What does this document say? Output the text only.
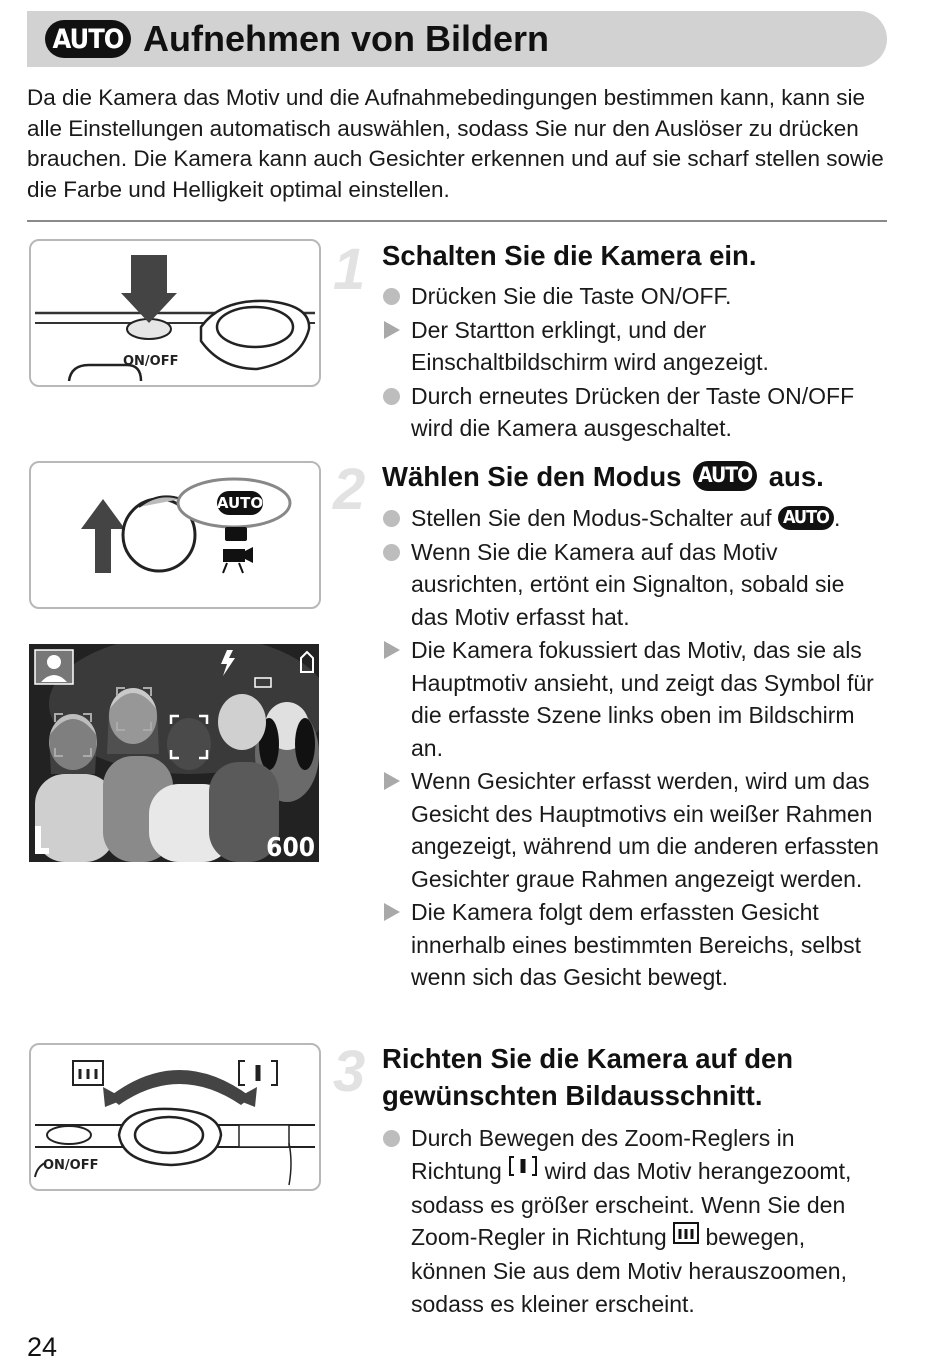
AUTO Aufnehmen von Bildern

Da die Kamera das Motiv und die Aufnahmebedingungen bestimmen kann, kann sie alle Einstellungen automatisch auswählen, sodass Sie nur den Auslöser zu drücken brauchen. Die Kamera kann auch Gesichter erkennen und auf sie scharf stellen sowie die Farbe und Helligkeit optimal einstellen.

ON/OFF
AUTO
600
ON/OFF
1 Schalten Sie die Kamera ein.
Drücken Sie die Taste ON/OFF.
Der Startton erklingt, und der Einschaltbildschirm wird angezeigt.
Durch erneutes Drücken der Taste ON/OFF wird die Kamera ausgeschaltet.
2 Wählen Sie den Modus AUTO aus.
Stellen Sie den Modus-Schalter auf AUTO .
Wenn Sie die Kamera auf das Motiv ausrichten, ertönt ein Signalton, sobald sie das Motiv erfasst hat.
Die Kamera fokussiert das Motiv, das sie als Hauptmotiv ansieht, und zeigt das Symbol für die erfasste Szene links oben im Bildschirm an.
Wenn Gesichter erfasst werden, wird um das Gesicht des Hauptmotivs ein weißer Rahmen angezeigt, während um die anderen erfassten Gesichter graue Rahmen angezeigt werden.
Die Kamera folgt dem erfassten Gesicht innerhalb eines bestimmten Bereichs, selbst wenn sich das Gesicht bewegt.
3 Richten Sie die Kamera auf den
gewünschten Bildausschnitt.
Durch Bewegen des Zoom-Reglers in Richtung wird das Motiv herangezoomt, sodass es größer erscheint. Wenn Sie den Zoom-Regler in Richtung bewegen, können Sie aus dem Motiv herauszoomen, sodass es kleiner erscheint.
24
